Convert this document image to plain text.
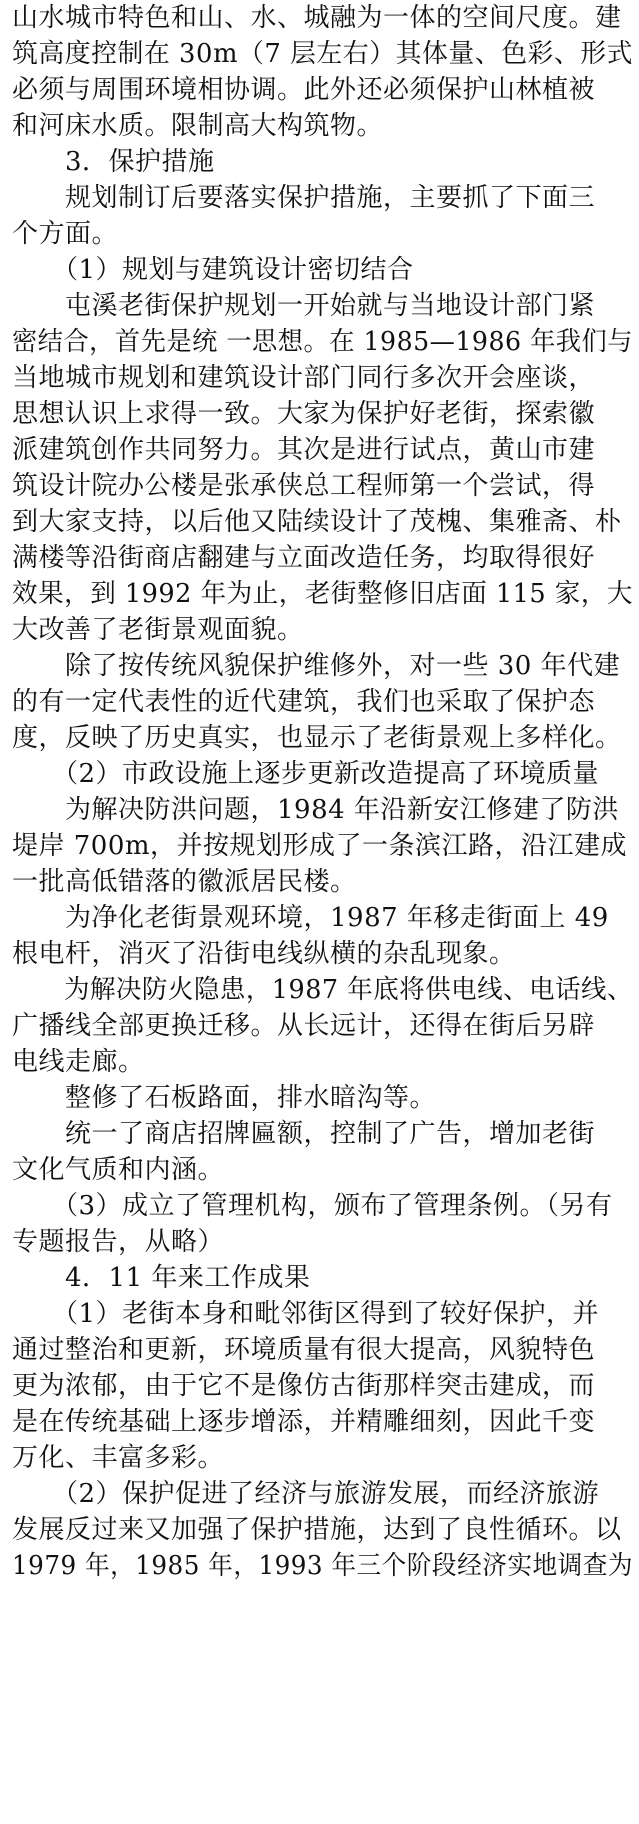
山水城市特色和山、水、城融为一体的空间尺度。建
筑高度控制在 30m（7 层左右）其体量、色彩、形式
必须与周围环境相协调。此外还必须保护山林植被
和河床水质。限制高大构筑物。
　　3．保护措施
　　规划制订后要落实保护措施，主要抓了下面三
个方面。
　　（1）规划与建筑设计密切结合
　　屯溪老街保护规划一开始就与当地设计部门紧
密结合，首先是统 一思想。在 1985—1986 年我们与
当地城市规划和建筑设计部门同行多次开会座谈，
思想认识上求得一致。大家为保护好老街，探索徽
派建筑创作共同努力。其次是进行试点，黄山市建
筑设计院办公楼是张承侠总工程师第一个尝试，得
到大家支持，以后他又陆续设计了茂槐、集雅斋、朴
满楼等沿街商店翻建与立面改造任务，均取得很好
效果，到 1992 年为止，老街整修旧店面 115 家，大
大改善了老街景观面貌。
　　除了按传统风貌保护维修外，对一些 30 年代建
的有一定代表性的近代建筑，我们也采取了保护态
度，反映了历史真实，也显示了老街景观上多样化。
　　（2）市政设施上逐步更新改造提高了环境质量
　　为解决防洪问题，1984 年沿新安江修建了防洪
堤岸 700m，并按规划形成了一条滨江路，沿江建成
一批高低错落的徽派居民楼。
　　为净化老街景观环境，1987 年移走街面上 49
根电杆，消灭了沿街电线纵横的杂乱现象。
　　为解决防火隐患，1987 年底将供电线、电话线、
广播线全部更换迁移。从长远计，还得在街后另辟
电线走廊。
　　整修了石板路面，排水暗沟等。
　　统一了商店招牌匾额，控制了广告，增加老街
文化气质和内涵。
　　（3）成立了管理机构，颁布了管理条例。（另有
专题报告，从略）
　　4．11 年来工作成果
　　（1）老街本身和毗邻街区得到了较好保护，并
通过整治和更新，环境质量有很大提高，风貌特色
更为浓郁，由于它不是像仿古街那样突击建成，而
是在传统基础上逐步增添，并精雕细刻，因此千变
万化、丰富多彩。
　　（2）保护促进了经济与旅游发展，而经济旅游
发展反过来又加强了保护措施，达到了良性循环。以
1979 年，1985 年，1993 年三个阶段经济实地调查为
